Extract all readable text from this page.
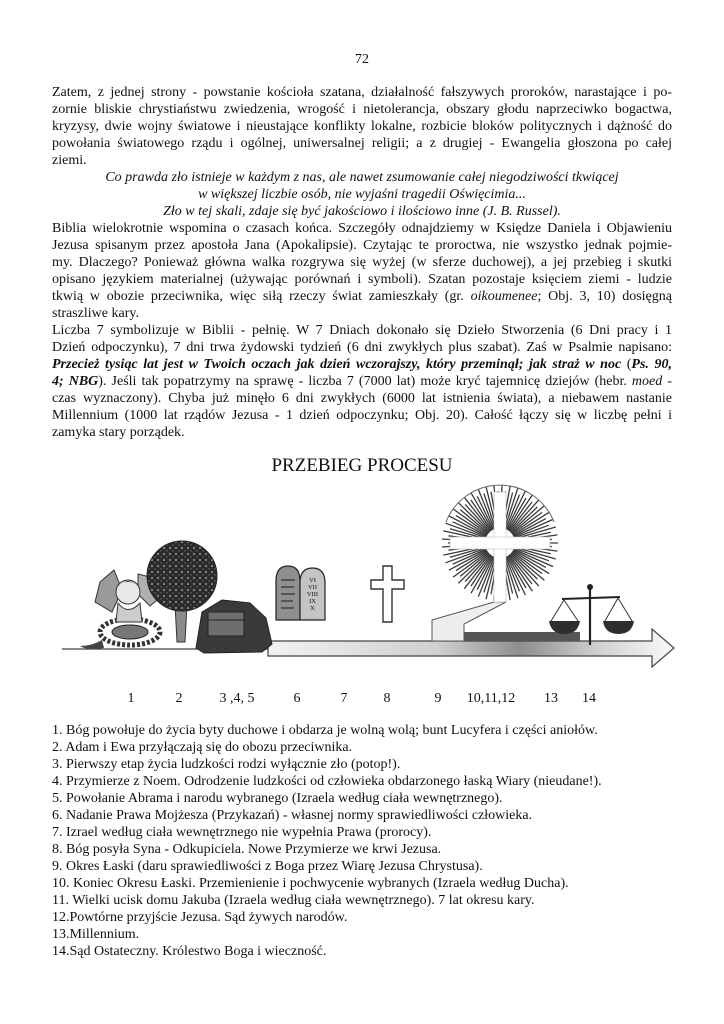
72
Zatem, z jednej strony - powstanie kościoła szatana, działalność fałszywych proroków, narastające i po-
zornie bliskie chrystiaństwu zwiedzenia, wrogość i nietolerancja, obszary głodu naprzeciwko bogactwa,
kryzysy, dwie wojny światowe i nieustające konflikty lokalne, rozbicie bloków politycznych i dążność do
powołania światowego rządu i ogólnej, uniwersalnej religii; a z drugiej - Ewangelia głoszona po całej
ziemi.
Co prawda zło istnieje w każdym z nas, ale nawet zsumowanie całej niegodziwości tkwiącej
w większej liczbie osób, nie wyjaśni tragedii Oświęcimia...
Zło w tej skali, zdaje się być jakościowo i ilościowo inne (J. B. Russel).
Biblia wielokrotnie wspomina o czasach końca. Szczegóły odnajdziemy w Księdze Daniela i Objawieniu
Jezusa spisanym przez apostoła Jana (Apokalipsie). Czytając te proroctwa, nie wszystko jednak pojmie-
my. Dlaczego? Ponieważ główna walka rozgrywa się wyżej (w sferze duchowej), a jej przebieg i skutki
opisano językiem materialnej (używając porównań i symboli). Szatan pozostaje księciem ziemi - ludzie
tkwią w obozie przeciwnika, więc siłą rzeczy świat zamieszkały (gr. oikoumenee; Obj. 3, 10) dosięgną
straszliwe kary.
Liczba 7 symbolizuje w Biblii - pełnię. W 7 Dniach dokonało się Dzieło Stworzenia (6 Dni pracy i 1
Dzień odpoczynku), 7 dni trwa żydowski tydzień (6 dni zwykłych plus szabat). Zaś w Psalmie napisano:
Przecież tysiąc lat jest w Twoich oczach jak dzień wczorajszy, który przeminął; jak straż w noc (Ps. 90,
4; NBG). Jeśli tak popatrzymy na sprawę - liczba 7 (7000 lat) może kryć tajemnicę dziejów (hebr. moed -
czas wyznaczony). Chyba już minęło 6 dni zwykłych (6000 lat istnienia świata), a niebawem nastanie
Millennium (1000 lat rządów Jezusa - 1 dzień odpoczynku; Obj. 20). Całość łączy się w liczbę pełni i
zamyka stary porządek.
PRZEBIEG PROCESU
VI
VII
VIII
IX
X
1	2	3 ,4, 5	6	7	8	9 10,11,12 13 14
1. Bóg powołuje do życia byty duchowe i obdarza je wolną wolą; bunt Lucyfera i części aniołów.
2. Adam i Ewa przyłączają się do obozu przeciwnika.
3. Pierwszy etap życia ludzkości rodzi wyłącznie zło (potop!).
4. Przymierze z Noem. Odrodzenie ludzkości od człowieka obdarzonego łaską Wiary (nieudane!).
5. Powołanie Abrama i narodu wybranego (Izraela według ciała wewnętrznego).
6. Nadanie Prawa Mojżesza (Przykazań) - własnej normy sprawiedliwości człowieka.
7. Izrael według ciała wewnętrznego nie wypełnia Prawa (prorocy).
8. Bóg posyła Syna - Odkupiciela. Nowe Przymierze we krwi Jezusa.
9. Okres Łaski (daru sprawiedliwości z Boga przez Wiarę Jezusa Chrystusa).
10. Koniec Okresu Łaski. Przemienienie i pochwycenie wybranych (Izraela według Ducha).
11. Wielki ucisk domu Jakuba (Izraela według ciała wewnętrznego). 7 lat okresu kary.
12.Powtórne przyjście Jezusa. Sąd żywych narodów.
13.Millennium.
14.Sąd Ostateczny. Królestwo Boga i wieczność.
